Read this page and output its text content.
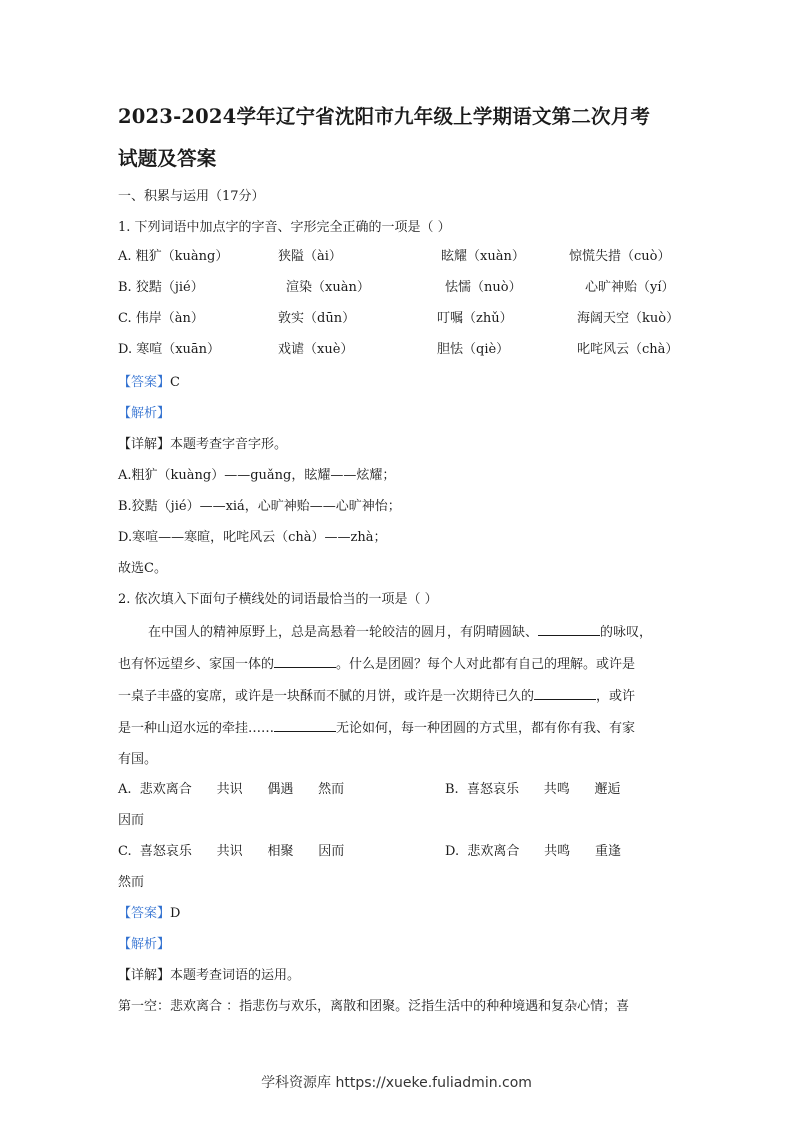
2023-2024学年辽宁省沈阳市九年级上学期语文第二次月考
试题及答案
一、积累与运用（17分）
1. 下列词语中加点字的字音、字形完全正确的一项是（ ）
A. 粗犷（kuàng）	狭隘（ài）	眩耀（xuàn）	惊慌失措（cuò）
B. 狡黠（jié）	渲染（xuàn）	怯懦（nuò）	心旷神贻（yí）
C. 伟岸（àn）	敦实（dūn）	叮嘱（zhǔ）	海阔天空（kuò）
D. 寒喧（xuān）	戏谑（xuè）	胆怯（qiè）	叱咤风云（chà）
【答案】C
【解析】
【详解】本题考查字音字形。
A.粗犷（kuàng）——guǎng，眩耀——炫耀；
B.狡黠（jié）——xiá，心旷神贻——心旷神怡；
D.寒喧——寒暄，叱咤风云（chà）——zhà；
故选C。
2. 依次填入下面句子横线处的词语最恰当的一项是（ ）
在中国人的精神原野上，总是高悬着一轮皎洁的圆月，有阴晴圆缺、	的咏叹，
也有怀远望乡、家国一体的	。什么是团圆？每个人对此都有自己的理解。或许是
一桌子丰盛的宴席，或许是一块酥而不腻的月饼，或许是一次期待已久的	，或许
是一种山迢水远的牵挂……	无论如何，每一种团圆的方式里，都有你有我、有家
有国。
A.  悲欢离合      共识      偶遇      然而	B.  喜怒哀乐      共鸣      邂逅
因而
C.  喜怒哀乐      共识      相聚      因而	D.  悲欢离合      共鸣      重逢
然而
【答案】D
【解析】
【详解】本题考查词语的运用。
第一空：悲欢离合 ：指悲伤与欢乐，离散和团聚。泛指生活中的种种境遇和复杂心情；喜
学科资源库 https://xueke.fuliadmin.com
